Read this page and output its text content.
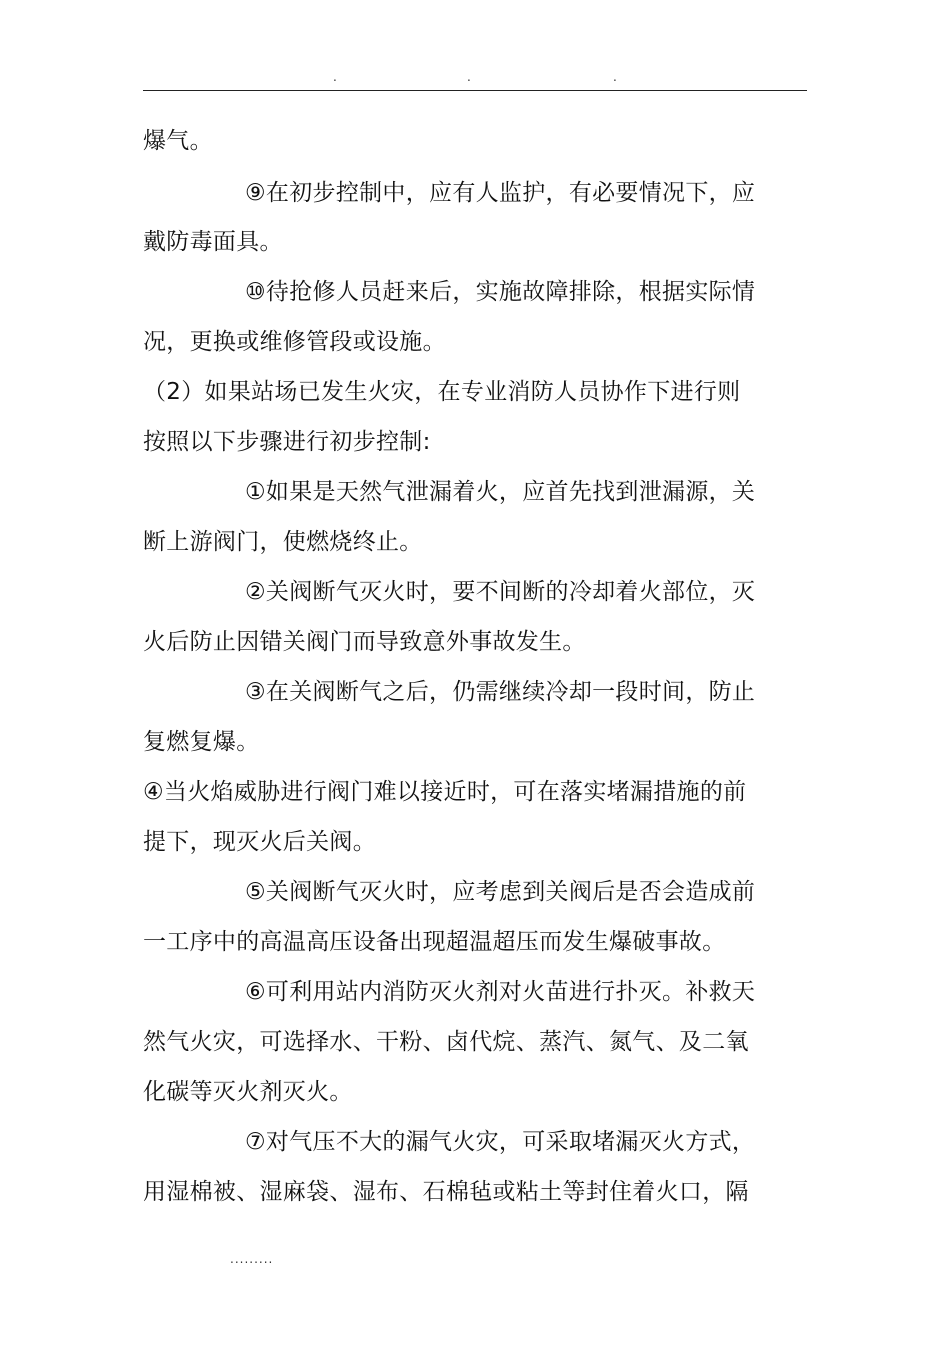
.	.	.
爆气。
⑨在初步控制中，应有人监护，有必要情况下，应
戴防毒面具。
⑩待抢修人员赶来后，实施故障排除，根据实际情
况，更换或维修管段或设施。
（2）如果站场已发生火灾，在专业消防人员协作下进行则
按照以下步骤进行初步控制:
①如果是天然气泄漏着火，应首先找到泄漏源，关
断上游阀门，使燃烧终止。
②关阀断气灭火时，要不间断的冷却着火部位，灭
火后防止因错关阀门而导致意外事故发生。
③在关阀断气之后，仍需继续冷却一段时间，防止
复燃复爆。
④当火焰威胁进行阀门难以接近时，可在落实堵漏措施的前
提下，现灭火后关阀。
⑤关阀断气灭火时，应考虑到关阀后是否会造成前
一工序中的高温高压设备出现超温超压而发生爆破事故。
⑥可利用站内消防灭火剂对火苗进行扑灭。补救天
然气火灾，可选择水、干粉、卤代烷、蒸汽、氮气、及二氧
化碳等灭火剂灭火。
⑦对气压不大的漏气火灾，可采取堵漏灭火方式，
用湿棉被、湿麻袋、湿布、石棉毡或粘土等封住着火口，隔
.........
